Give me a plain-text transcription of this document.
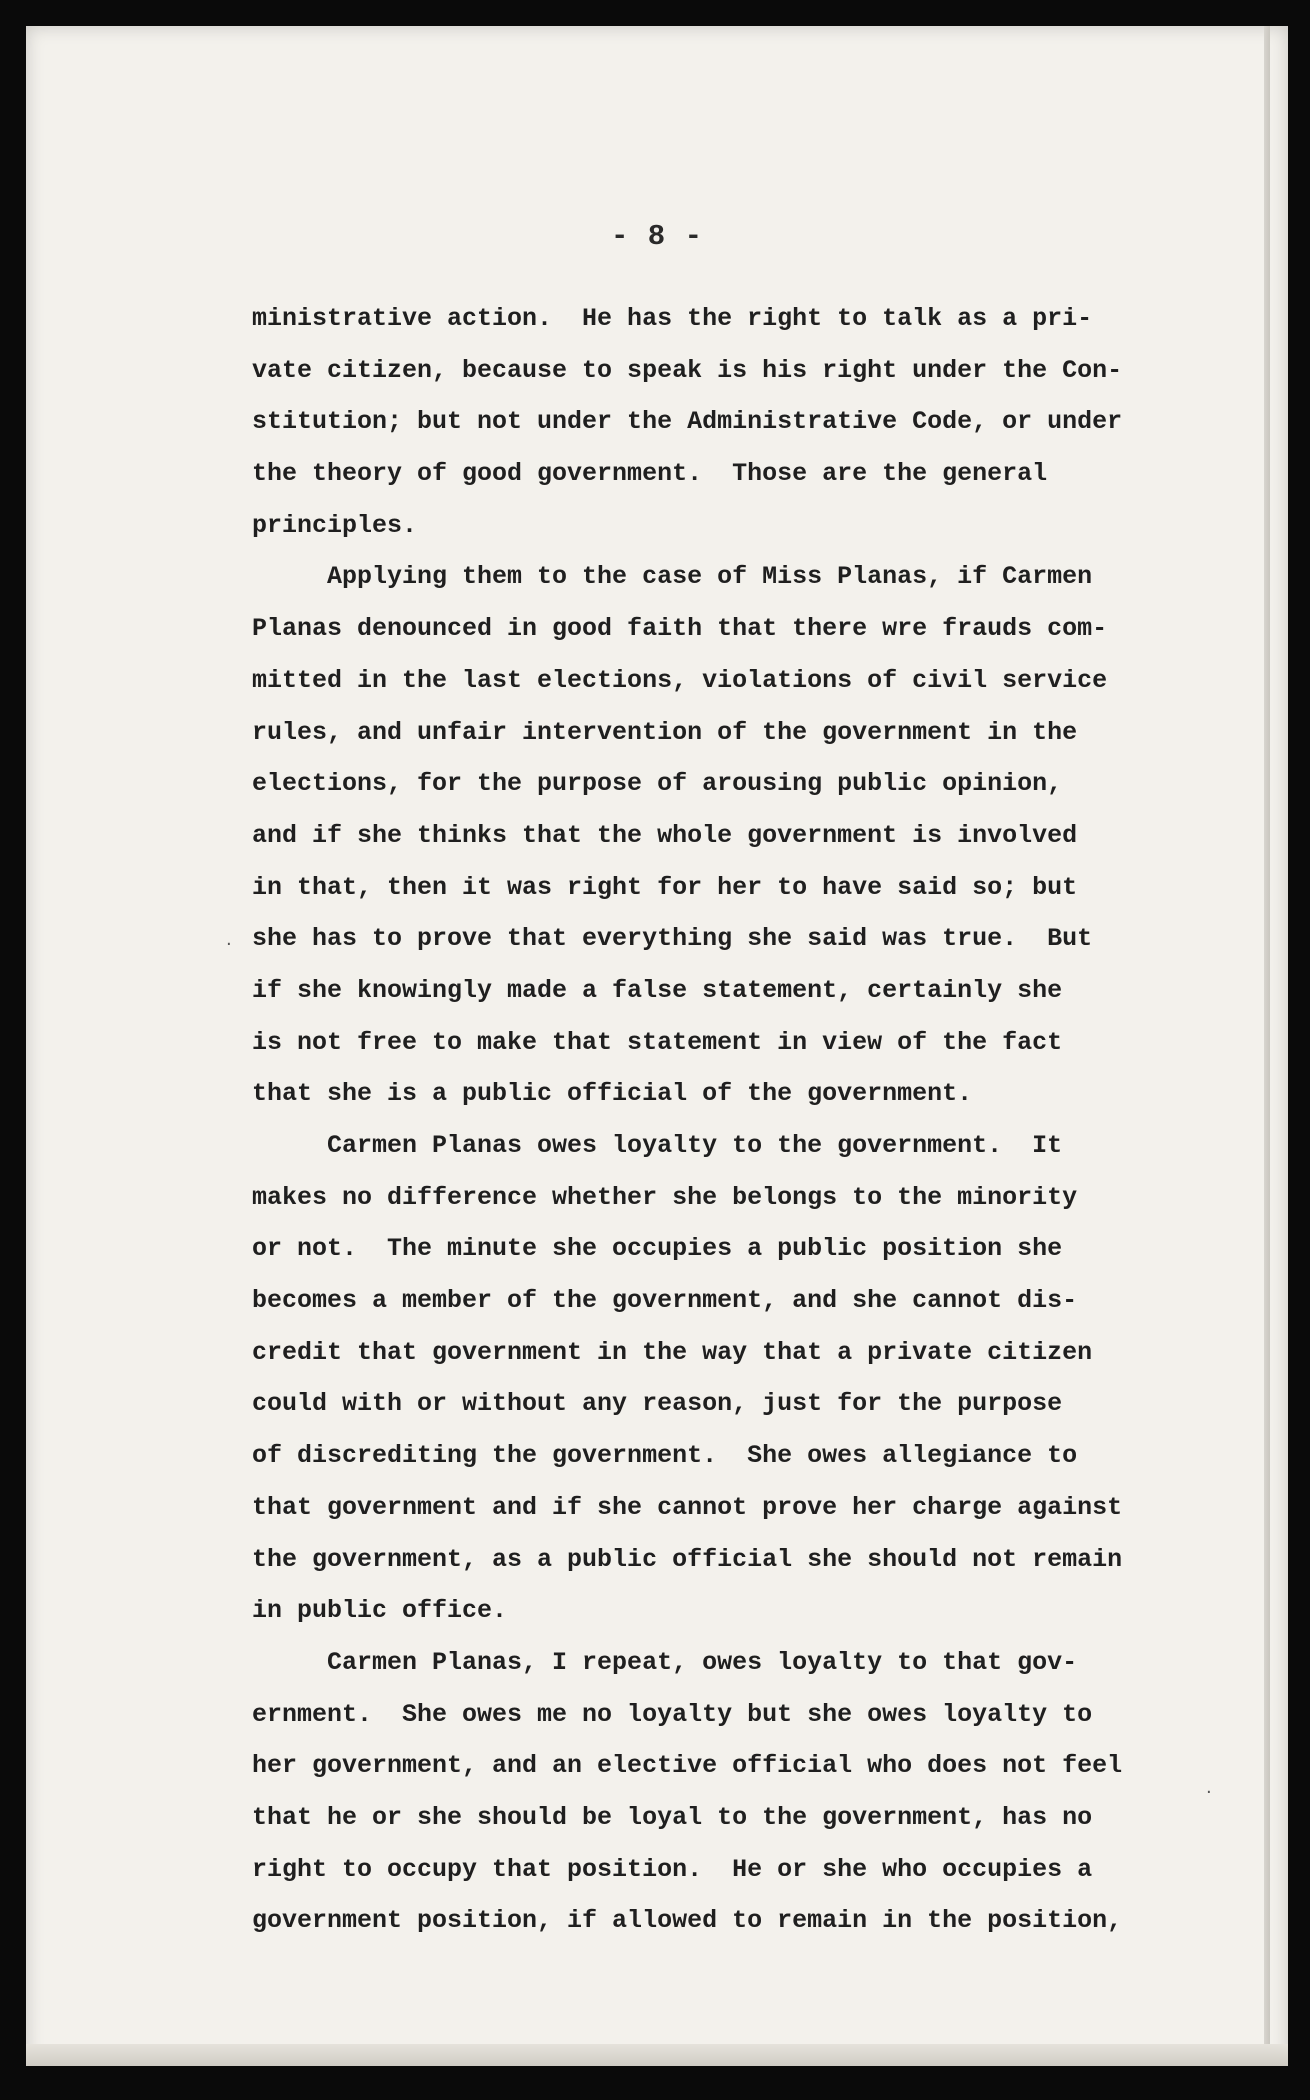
- 8 -
ministrative action.  He has the right to talk as a pri-
vate citizen, because to speak is his right under the Con-
stitution; but not under the Administrative Code, or under
the theory of good government.  Those are the general
principles.
Applying them to the case of Miss Planas, if Carmen
Planas denounced in good faith that there wre frauds com-
mitted in the last elections, violations of civil service
rules, and unfair intervention of the government in the
elections, for the purpose of arousing public opinion,
and if she thinks that the whole government is involved
in that, then it was right for her to have said so; but
she has to prove that everything she said was true.  But
if she knowingly made a false statement, certainly she
is not free to make that statement in view of the fact
that she is a public official of the government.
Carmen Planas owes loyalty to the government.  It
makes no difference whether she belongs to the minority
or not.  The minute she occupies a public position she
becomes a member of the government, and she cannot dis-
credit that government in the way that a private citizen
could with or without any reason, just for the purpose
of discrediting the government.  She owes allegiance to
that government and if she cannot prove her charge against
the government, as a public official she should not remain
in public office.
Carmen Planas, I repeat, owes loyalty to that gov-
ernment.  She owes me no loyalty but she owes loyalty to
her government, and an elective official who does not feel
that he or she should be loyal to the government, has no
right to occupy that position.  He or she who occupies a
government position, if allowed to remain in the position,
·
·
